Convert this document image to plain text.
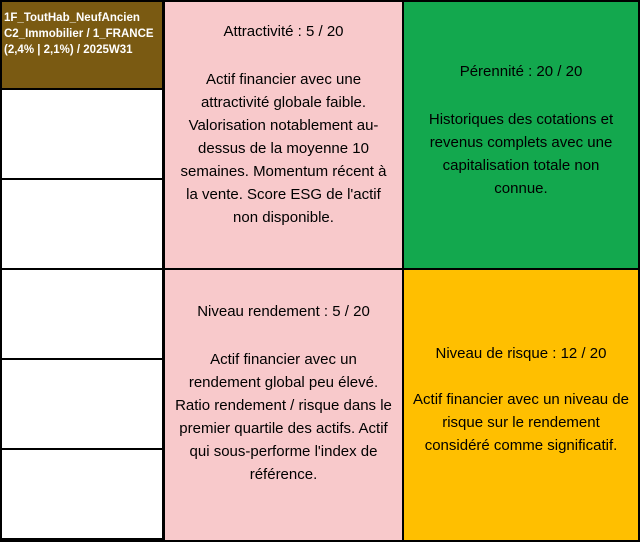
1F_ToutHab_NeufAncien
C2_Immobilier / 1_FRANCE
(2,4% | 2,1%) / 2025W31
Attractivité : 5 / 20
Actif financier avec une attractivité globale faible. Valorisation notablement au-dessus de la moyenne 10 semaines. Momentum récent à la vente. Score ESG de l'actif non disponible.
Pérennité : 20 / 20
Historiques des cotations et revenus complets avec une capitalisation totale non connue.
Niveau rendement : 5 / 20
Actif financier avec un rendement global peu élevé. Ratio rendement / risque dans le premier quartile des actifs. Actif qui sous-performe l'index de référence.
Niveau de risque : 12 / 20
Actif financier avec un niveau de risque sur le rendement considéré comme significatif.
